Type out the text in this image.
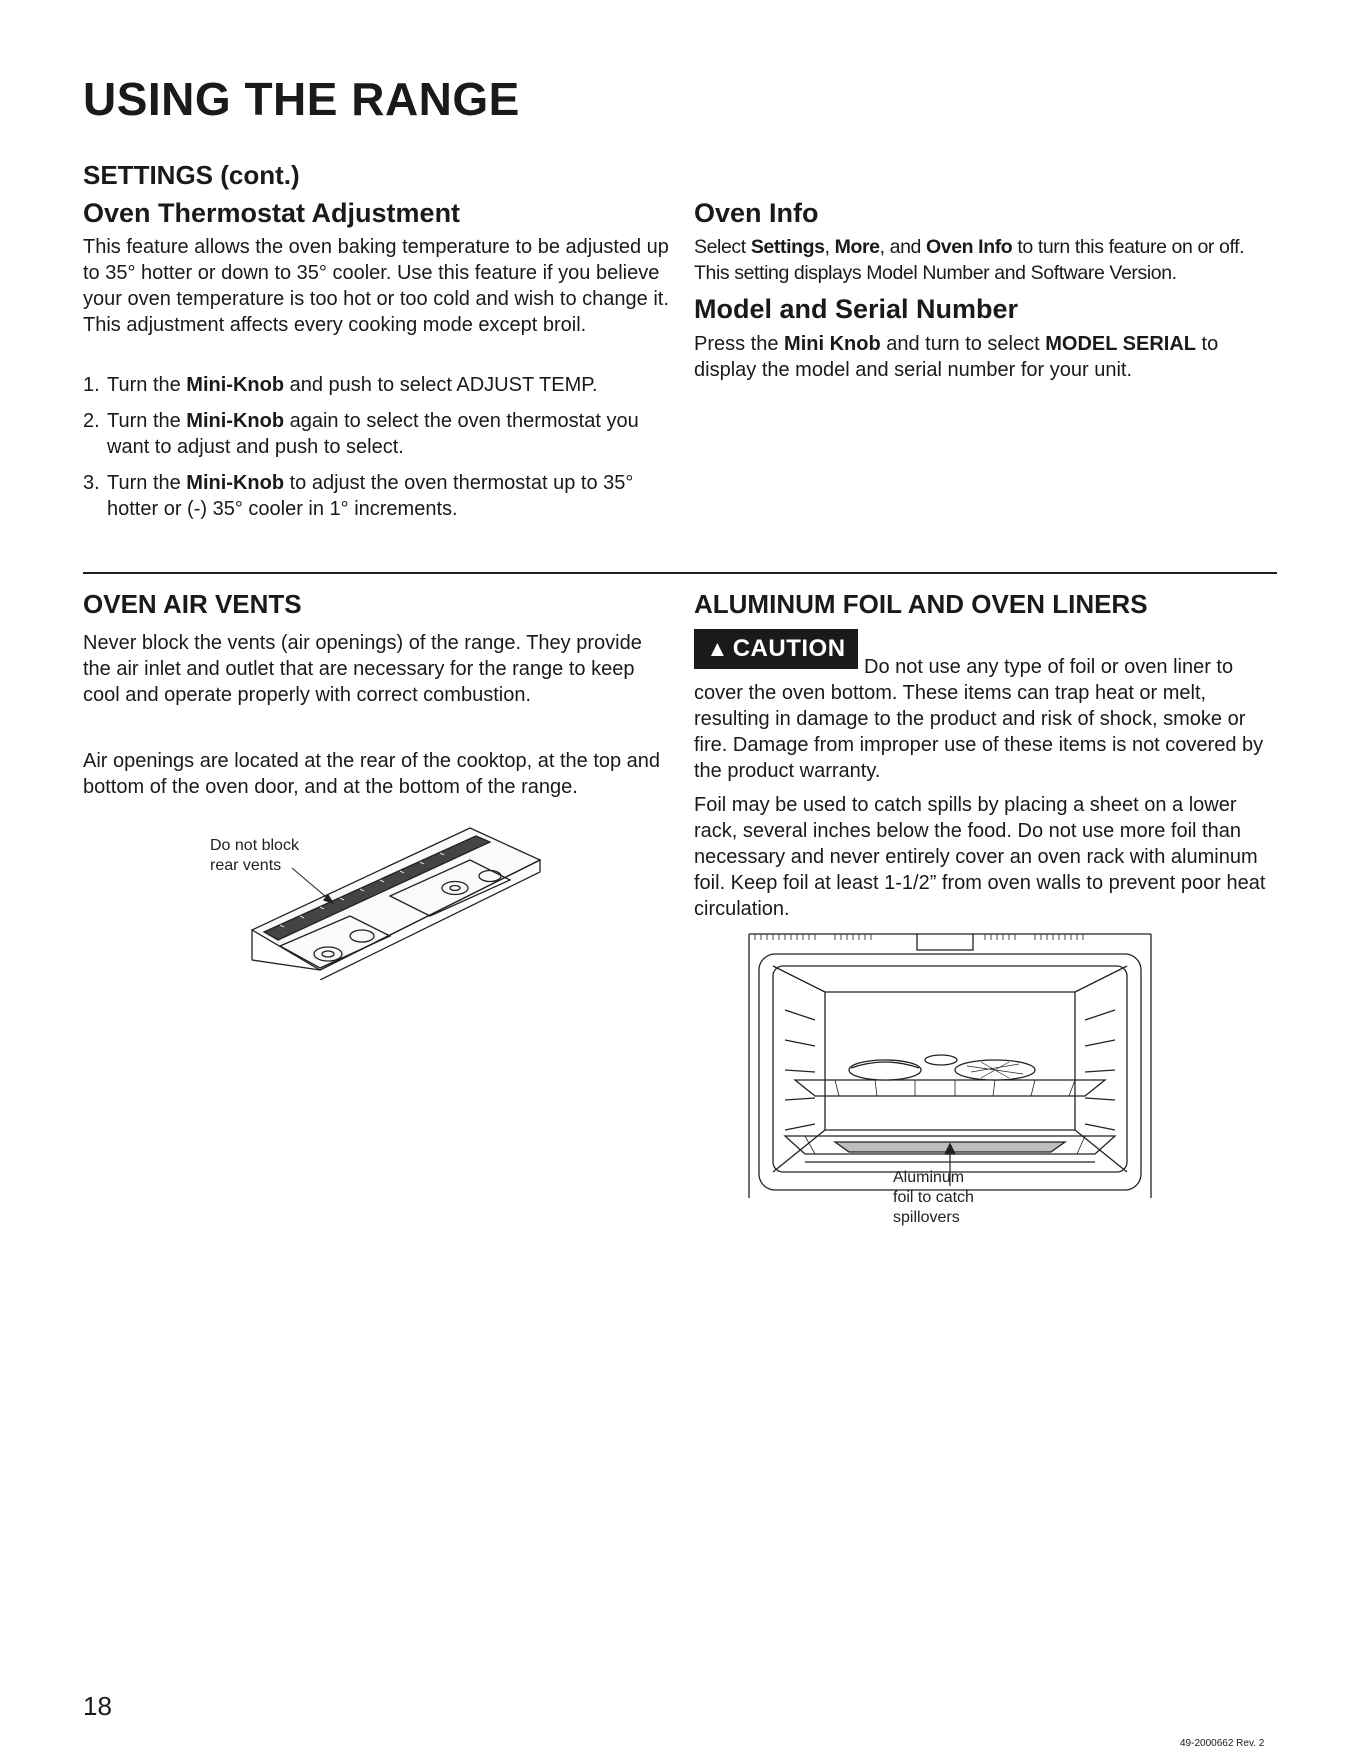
USING THE RANGE
SETTINGS (cont.)
Oven Thermostat Adjustment

This feature allows the oven baking temperature to be adjusted up to 35° hotter or down to 35° cooler. Use this feature if you believe your oven temperature is too hot or too cold and wish to change it. This adjustment affects every cooking mode except broil.

1. Turn the Mini-Knob and push to select ADJUST TEMP.
2. Turn the Mini-Knob again to select the oven thermostat you want to adjust and push to select.
3. Turn the Mini-Knob to adjust the oven thermostat up to 35° hotter or (-) 35° cooler in 1° increments.
Oven Info

Select Settings, More, and Oven Info to turn this feature on or off. This setting displays Model Number and Software Version.

Model and Serial Number

Press the Mini Knob and turn to select MODEL SERIAL to display the model and serial number for your unit.

OVEN AIR VENTS

Never block the vents (air openings) of the range. They provide the air inlet and outlet that are necessary for the range to keep cool and operate properly with correct combustion.

Air openings are located at the rear of the cooktop, at the top and bottom of the oven door, and at the bottom of the range.

Do not block

rear vents

ALUMINUM FOIL AND OVEN LINERS
▲ CAUTION

Do not use any type of foil or oven liner to cover the oven bottom. These items can trap heat or melt, resulting in damage to the product and risk of shock, smoke or fire. Damage from improper use of these items is not covered by the product warranty.

Foil may be used to catch spills by placing a sheet on a lower rack, several inches below the food. Do not use more foil than necessary and never entirely cover an oven rack with aluminum foil. Keep foil at least 1-1/2” from oven walls to prevent poor heat circulation.

Aluminum

foil to catch

spillovers

18

49-2000662 Rev. 2
